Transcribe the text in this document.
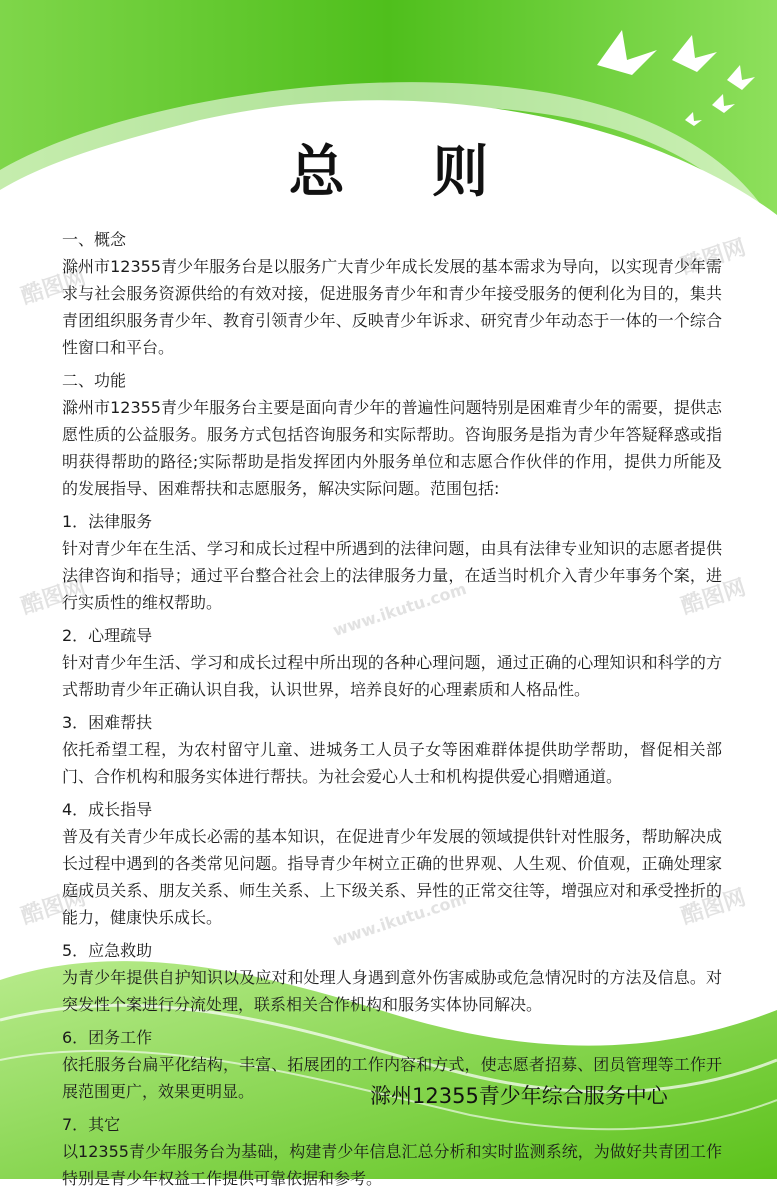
酷图网
酷图网
酷图网	酷图网
酷图网	酷图网
www.ikutu.com
www.ikutu.com
总 则
一、概念
滁州市12355青少年服务台是以服务广大青少年成长发展的基本需求为导向，以实现青少年需求与社会服务资源供给的有效对接，促进服务青少年和青少年接受服务的便利化为目的，集共青团组织服务青少年、教育引领青少年、反映青少年诉求、研究青少年动态于一体的一个综合性窗口和平台。
二、功能
滁州市12355青少年服务台主要是面向青少年的普遍性问题特别是困难青少年的需要，提供志愿性质的公益服务。服务方式包括咨询服务和实际帮助。咨询服务是指为青少年答疑释惑或指明获得帮助的路径;实际帮助是指发挥团内外服务单位和志愿合作伙伴的作用，提供力所能及的发展指导、困难帮扶和志愿服务，解决实际问题。范围包括:
1．法律服务
针对青少年在生活、学习和成长过程中所遇到的法律问题，由具有法律专业知识的志愿者提供法律咨询和指导；通过平台整合社会上的法律服务力量，在适当时机介入青少年事务个案，进行实质性的维权帮助。
2．心理疏导
针对青少年生活、学习和成长过程中所出现的各种心理问题，通过正确的心理知识和科学的方式帮助青少年正确认识自我，认识世界，培养良好的心理素质和人格品性。
3．困难帮扶
依托希望工程，为农村留守儿童、进城务工人员子女等困难群体提供助学帮助，督促相关部门、合作机构和服务实体进行帮扶。为社会爱心人士和机构提供爱心捐赠通道。
4．成长指导
普及有关青少年成长必需的基本知识，在促进青少年发展的领域提供针对性服务，帮助解决成长过程中遇到的各类常见问题。指导青少年树立正确的世界观、人生观、价值观，正确处理家庭成员关系、朋友关系、师生关系、上下级关系、异性的正常交往等，增强应对和承受挫折的能力，健康快乐成长。
5．应急救助
为青少年提供自护知识以及应对和处理人身遇到意外伤害威胁或危急情况时的方法及信息。对突发性个案进行分流处理，联系相关合作机构和服务实体协同解决。
6．团务工作
依托服务台扁平化结构，丰富、拓展团的工作内容和方式，使志愿者招募、团员管理等工作开展范围更广，效果更明显。
7．其它
以12355青少年服务台为基础，构建青少年信息汇总分析和实时监测系统，为做好共青团工作特别是青少年权益工作提供可靠依据和参考。
滁州12355青少年综合服务中心
